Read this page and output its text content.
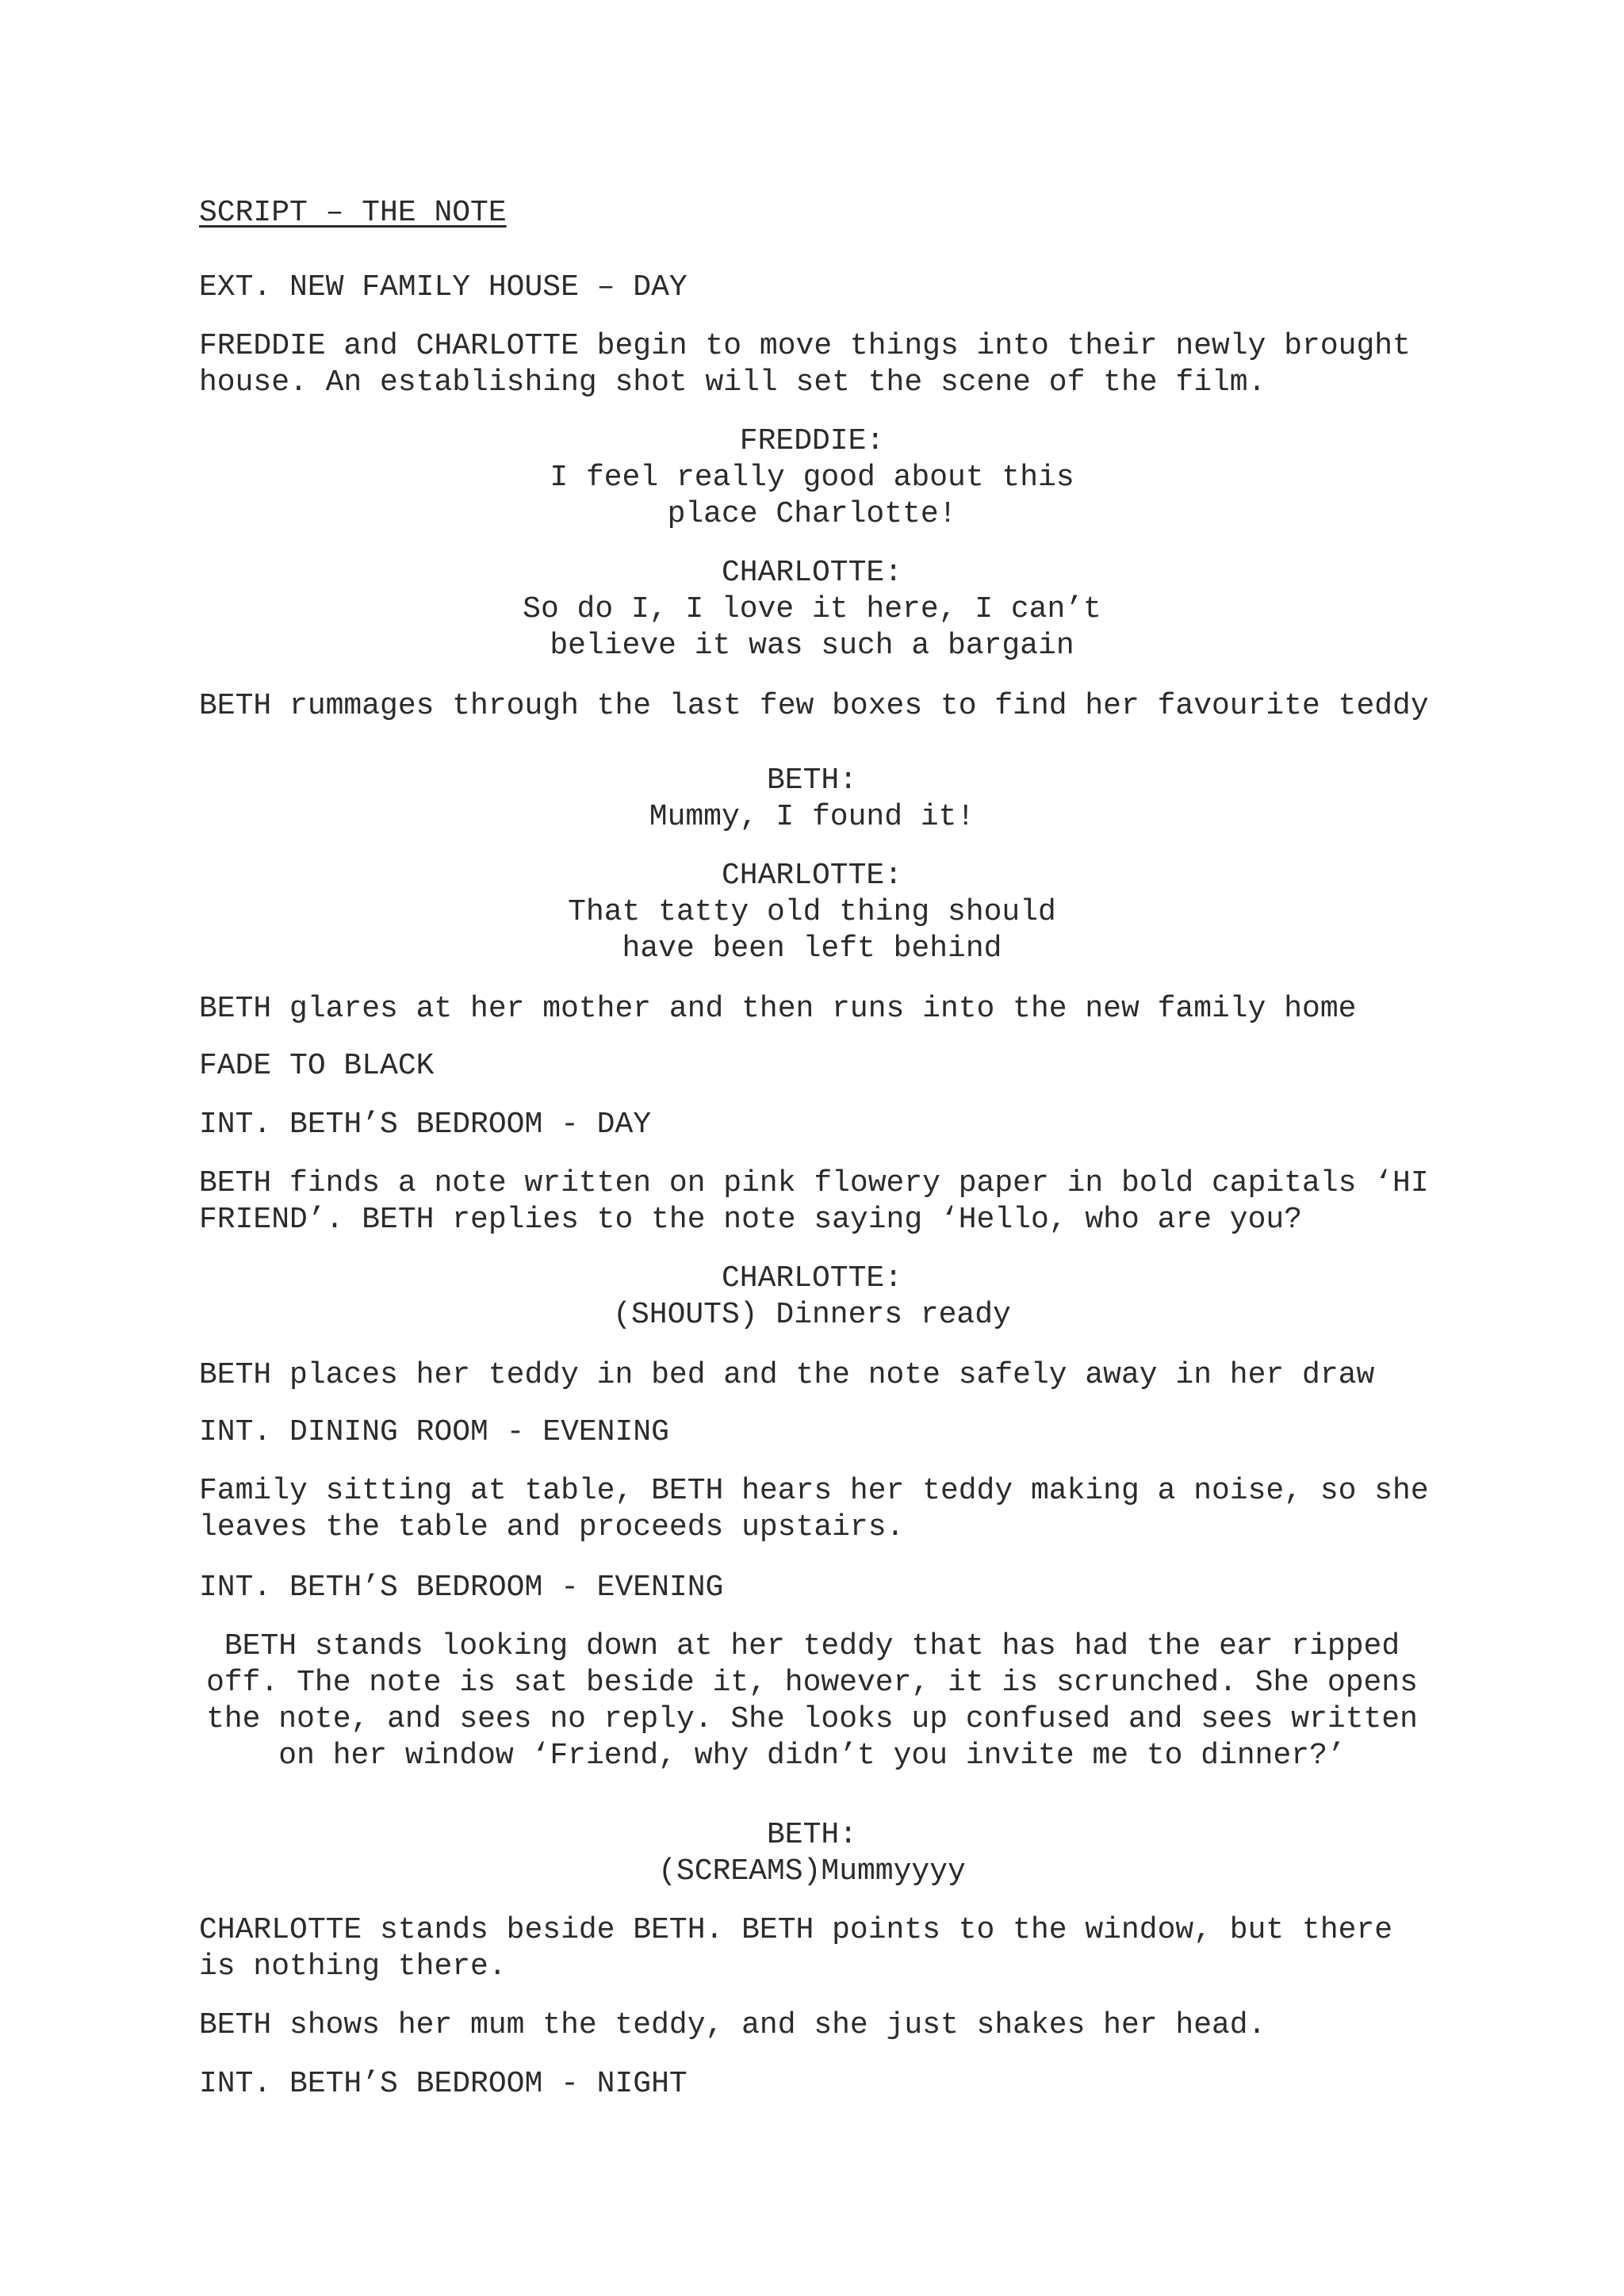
SCRIPT – THE NOTE

EXT. NEW FAMILY HOUSE – DAY

FREDDIE and CHARLOTTE begin to move things into their newly brought

house. An establishing shot will set the scene of the film.

FREDDIE:

I feel really good about this

place Charlotte!

CHARLOTTE:

So do I, I love it here, I can’t

believe it was such a bargain

BETH rummages through the last few boxes to find her favourite teddy

BETH:

Mummy, I found it!

CHARLOTTE:

That tatty old thing should

have been left behind

BETH glares at her mother and then runs into the new family home

FADE TO BLACK

INT. BETH’S BEDROOM - DAY

BETH finds a note written on pink flowery paper in bold capitals ‘HI

FRIEND’. BETH replies to the note saying ‘Hello, who are you?

CHARLOTTE:

(SHOUTS) Dinners ready

BETH places her teddy in bed and the note safely away in her draw

INT. DINING ROOM - EVENING

Family sitting at table, BETH hears her teddy making a noise, so she

leaves the table and proceeds upstairs.

INT. BETH’S BEDROOM - EVENING

BETH stands looking down at her teddy that has had the ear ripped

off. The note is sat beside it, however, it is scrunched. She opens

the note, and sees no reply. She looks up confused and sees written

on her window ‘Friend, why didn’t you invite me to dinner?’

BETH:

(SCREAMS)Mummyyyy

CHARLOTTE stands beside BETH. BETH points to the window, but there

is nothing there.

BETH shows her mum the teddy, and she just shakes her head.

INT. BETH’S BEDROOM - NIGHT
